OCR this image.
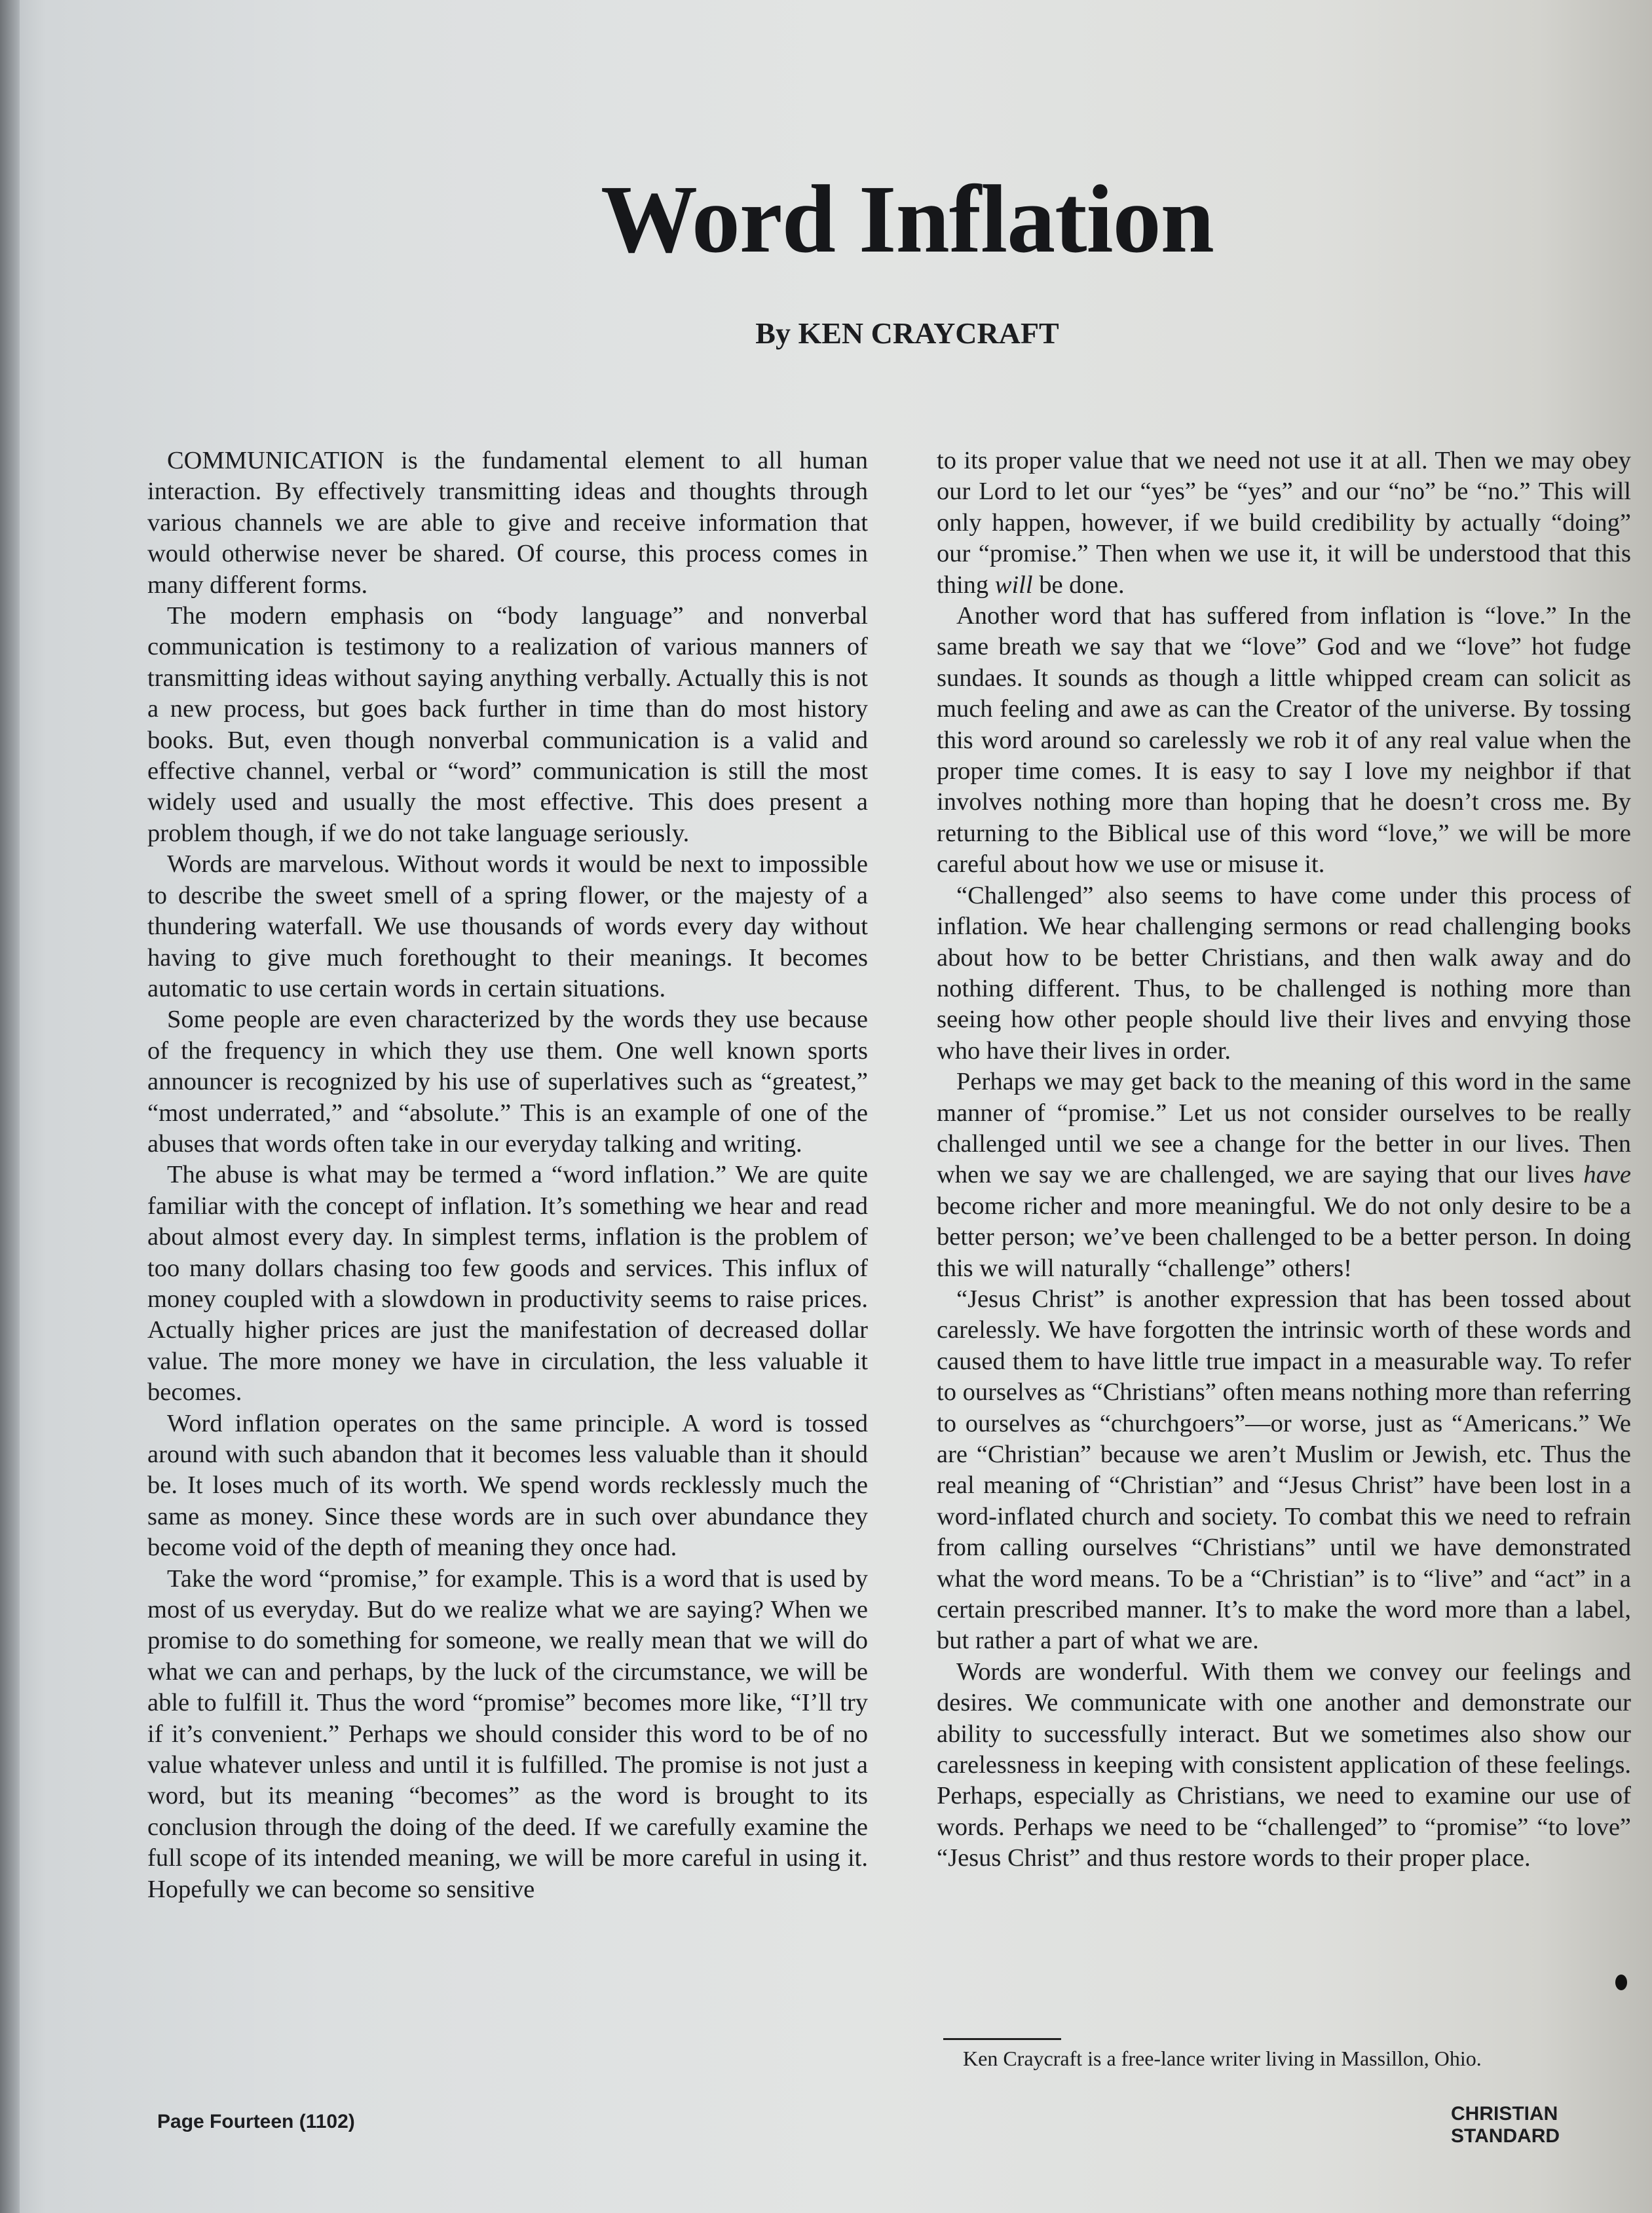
Word Inflation
By KEN CRAYCRAFT

COMMUNICATION is the fundamental element to all human interaction. By effectively transmitting ideas and thoughts through various channels we are able to give and receive information that would otherwise never be shared. Of course, this process comes in many different forms.

The modern emphasis on “body language” and nonverbal communication is testimony to a realization of various manners of transmitting ideas without saying anything verbally. Actually this is not a new process, but goes back further in time than do most history books. But, even though nonverbal communication is a valid and effective channel, verbal or “word” communication is still the most widely used and usually the most effective. This does present a problem though, if we do not take language seriously.

Words are marvelous. Without words it would be next to impossible to describe the sweet smell of a spring flower, or the majesty of a thundering waterfall. We use thousands of words every day without having to give much forethought to their meanings. It becomes automatic to use certain words in certain situations.

Some people are even characterized by the words they use because of the frequency in which they use them. One well known sports announcer is recognized by his use of superlatives such as “greatest,” “most underrated,” and “absolute.” This is an example of one of the abuses that words often take in our everyday talking and writing.

The abuse is what may be termed a “word inflation.” We are quite familiar with the concept of inflation. It’s something we hear and read about almost every day. In simplest terms, inflation is the problem of too many dollars chasing too few goods and services. This influx of money coupled with a slowdown in productivity seems to raise prices. Actually higher prices are just the manifestation of decreased dollar value. The more money we have in circulation, the less valuable it becomes.

Word inflation operates on the same principle. A word is tossed around with such abandon that it becomes less valuable than it should be. It loses much of its worth. We spend words recklessly much the same as money. Since these words are in such over abundance they become void of the depth of meaning they once had.

Take the word “promise,” for example. This is a word that is used by most of us everyday. But do we realize what we are saying? When we promise to do something for someone, we really mean that we will do what we can and perhaps, by the luck of the circumstance, we will be able to fulfill it. Thus the word “promise” becomes more like, “I’ll try if it’s convenient.” Perhaps we should consider this word to be of no value whatever unless and until it is fulfilled. The promise is not just a word, but its meaning “becomes” as the word is brought to its conclusion through the doing of the deed. If we carefully examine the full scope of its intended meaning, we will be more careful in using it. Hopefully we can become so sensitive

to its proper value that we need not use it at all. Then we may obey our Lord to let our “yes” be “yes” and our “no” be “no.” This will only happen, however, if we build credibility by actually “doing” our “promise.” Then when we use it, it will be understood that this thing will be done.

Another word that has suffered from inflation is “love.” In the same breath we say that we “love” God and we “love” hot fudge sundaes. It sounds as though a little whipped cream can solicit as much feeling and awe as can the Creator of the universe. By tossing this word around so carelessly we rob it of any real value when the proper time comes. It is easy to say I love my neighbor if that involves nothing more than hoping that he doesn’t cross me. By returning to the Biblical use of this word “love,” we will be more careful about how we use or misuse it.

“Challenged” also seems to have come under this process of inflation. We hear challenging sermons or read challenging books about how to be better Christians, and then walk away and do nothing different. Thus, to be challenged is nothing more than seeing how other people should live their lives and envying those who have their lives in order.

Perhaps we may get back to the meaning of this word in the same manner of “promise.” Let us not consider ourselves to be really challenged until we see a change for the better in our lives. Then when we say we are challenged, we are saying that our lives have become richer and more meaningful. We do not only desire to be a better person; we’ve been challenged to be a better person. In doing this we will naturally “challenge” others!

“Jesus Christ” is another expression that has been tossed about carelessly. We have forgotten the intrinsic worth of these words and caused them to have little true impact in a measurable way. To refer to ourselves as “Christians” often means nothing more than referring to ourselves as “churchgoers”—or worse, just as “Americans.” We are “Christian” because we aren’t Muslim or Jewish, etc. Thus the real meaning of “Christian” and “Jesus Christ” have been lost in a word-inflated church and society. To combat this we need to refrain from calling ourselves “Christians” until we have demonstrated what the word means. To be a “Christian” is to “live” and “act” in a certain prescribed manner. It’s to make the word more than a label, but rather a part of what we are.

Words are wonderful. With them we convey our feelings and desires. We communicate with one another and demonstrate our ability to successfully interact. But we sometimes also show our carelessness in keeping with consistent application of these feelings. Perhaps, especially as Christians, we need to examine our use of words. Perhaps we need to be “challenged” to “promise” “to love” “Jesus Christ” and thus restore words to their proper place.

Ken Craycraft is a free-lance writer living in Massillon, Ohio.

Page Fourteen (1102)	CHRISTIAN STANDARD
